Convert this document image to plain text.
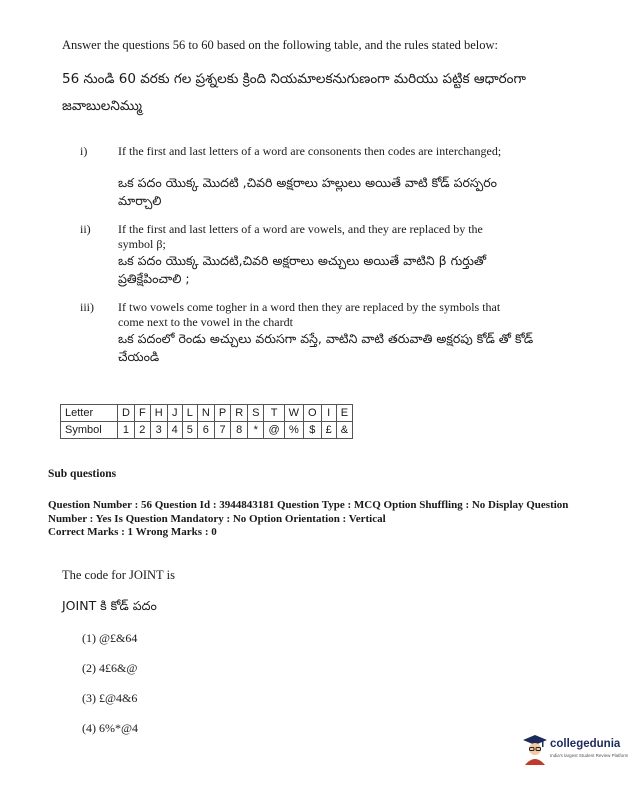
Answer the questions 56 to 60 based on the following table, and the rules stated below:
56 నుండి 60 వరకు గల ప్రశ్నలకు క్రింది నియమాలకనుగుణంగా మరియు పట్టిక ఆధారంగా జవాబులనిమ్ము
i)	If the first and last letters of a word are consonents then codes are interchanged;
ఒక పదం యొక్క మొదటి ,చివరి అక్షరాలు హల్లులు అయితే వాటి కోడ్ పరస్పరం మార్చాలి
ii)	If the first and last letters of a word are vowels, and they are replaced by the symbol β;
ఒక పదం యొక్క మొదటి,చివరి అక్షరాలు అచ్చులు అయితే వాటిని β గుర్తుతో ప్రతిక్షేపించాలి ;
iii)	If two vowels come togher in a word then they are replaced by the symbols that come next to the vowel in the chardt
ఒక పదంలో రెండు అచ్చులు వరుసగా వస్తే, వాటిని వాటి తరువాతి అక్షరపు కోడ్ తో కోడ్ చేయండి
Letter	D	F	H	J	L	N	P	R	S	T	W	O	I	E
Symbol	1	2	3	4	5	6	7	8	*	@	%	$	£	&
Sub questions
Question Number : 56 Question Id : 3944843181 Question Type : MCQ Option Shuffling : No Display Question Number : Yes Is Question Mandatory : No Option Orientation : Vertical
Correct Marks : 1 Wrong Marks : 0
The code for JOINT is
JOINT కి కోడ్ పదం
(1) @£&64
(2) 4£6&@
(3) £@4&6
(4) 6%*@4
collegedunia
India's largest Student Review Platform
